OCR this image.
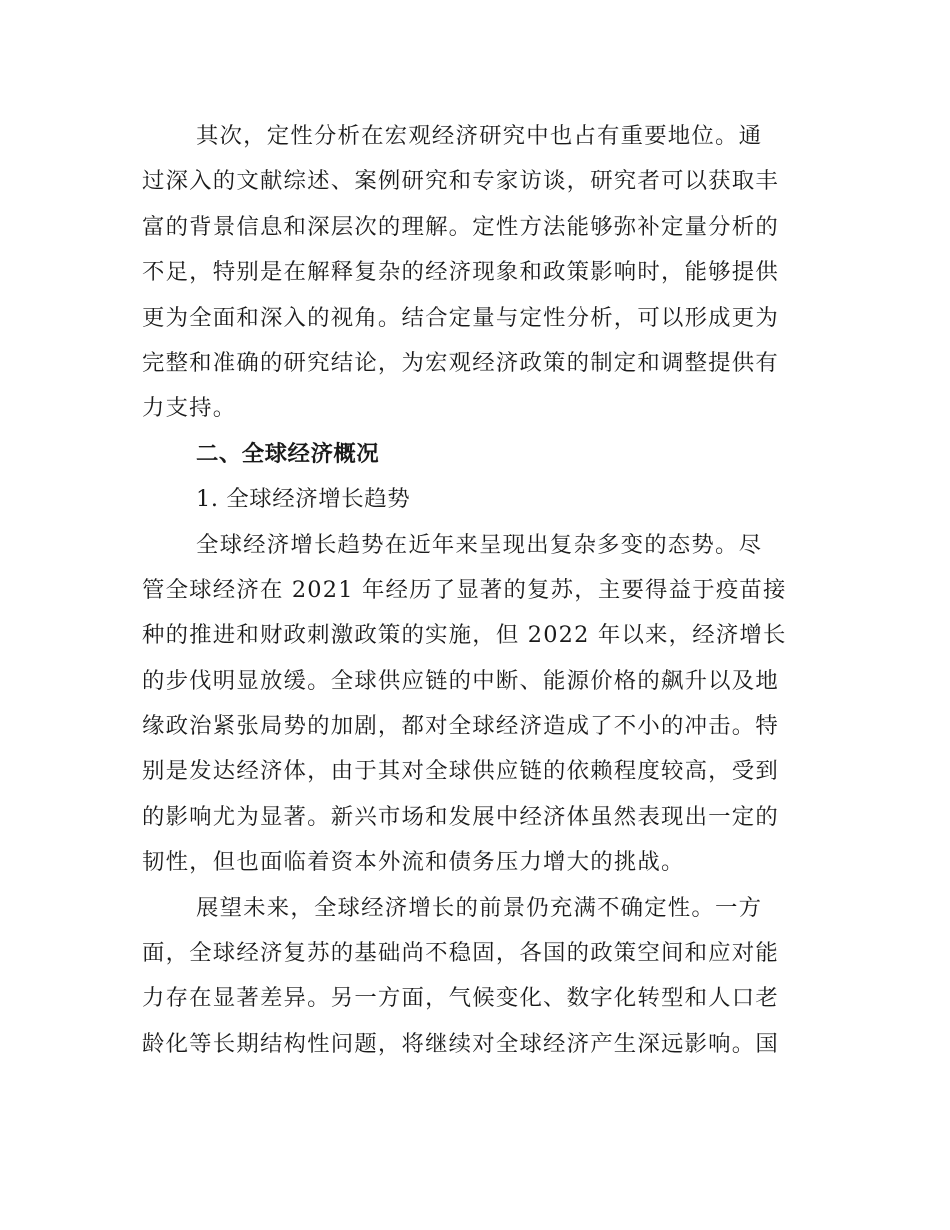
其次，定性分析在宏观经济研究中也占有重要地位。通
过深入的文献综述、案例研究和专家访谈，研究者可以获取丰
富的背景信息和深层次的理解。定性方法能够弥补定量分析的
不足，特别是在解释复杂的经济现象和政策影响时，能够提供
更为全面和深入的视角。结合定量与定性分析，可以形成更为
完整和准确的研究结论，为宏观经济政策的制定和调整提供有
力支持。
二、全球经济概况
1. 全球经济增长趋势
全球经济增长趋势在近年来呈现出复杂多变的态势。尽
管全球经济在 2021 年经历了显著的复苏，主要得益于疫苗接
种的推进和财政刺激政策的实施，但 2022 年以来，经济增长
的步伐明显放缓。全球供应链的中断、能源价格的飙升以及地
缘政治紧张局势的加剧，都对全球经济造成了不小的冲击。特
别是发达经济体，由于其对全球供应链的依赖程度较高，受到
的影响尤为显著。新兴市场和发展中经济体虽然表现出一定的
韧性，但也面临着资本外流和债务压力增大的挑战。
展望未来，全球经济增长的前景仍充满不确定性。一方
面，全球经济复苏的基础尚不稳固，各国的政策空间和应对能
力存在显著差异。另一方面，气候变化、数字化转型和人口老
龄化等长期结构性问题，将继续对全球经济产生深远影响。国
